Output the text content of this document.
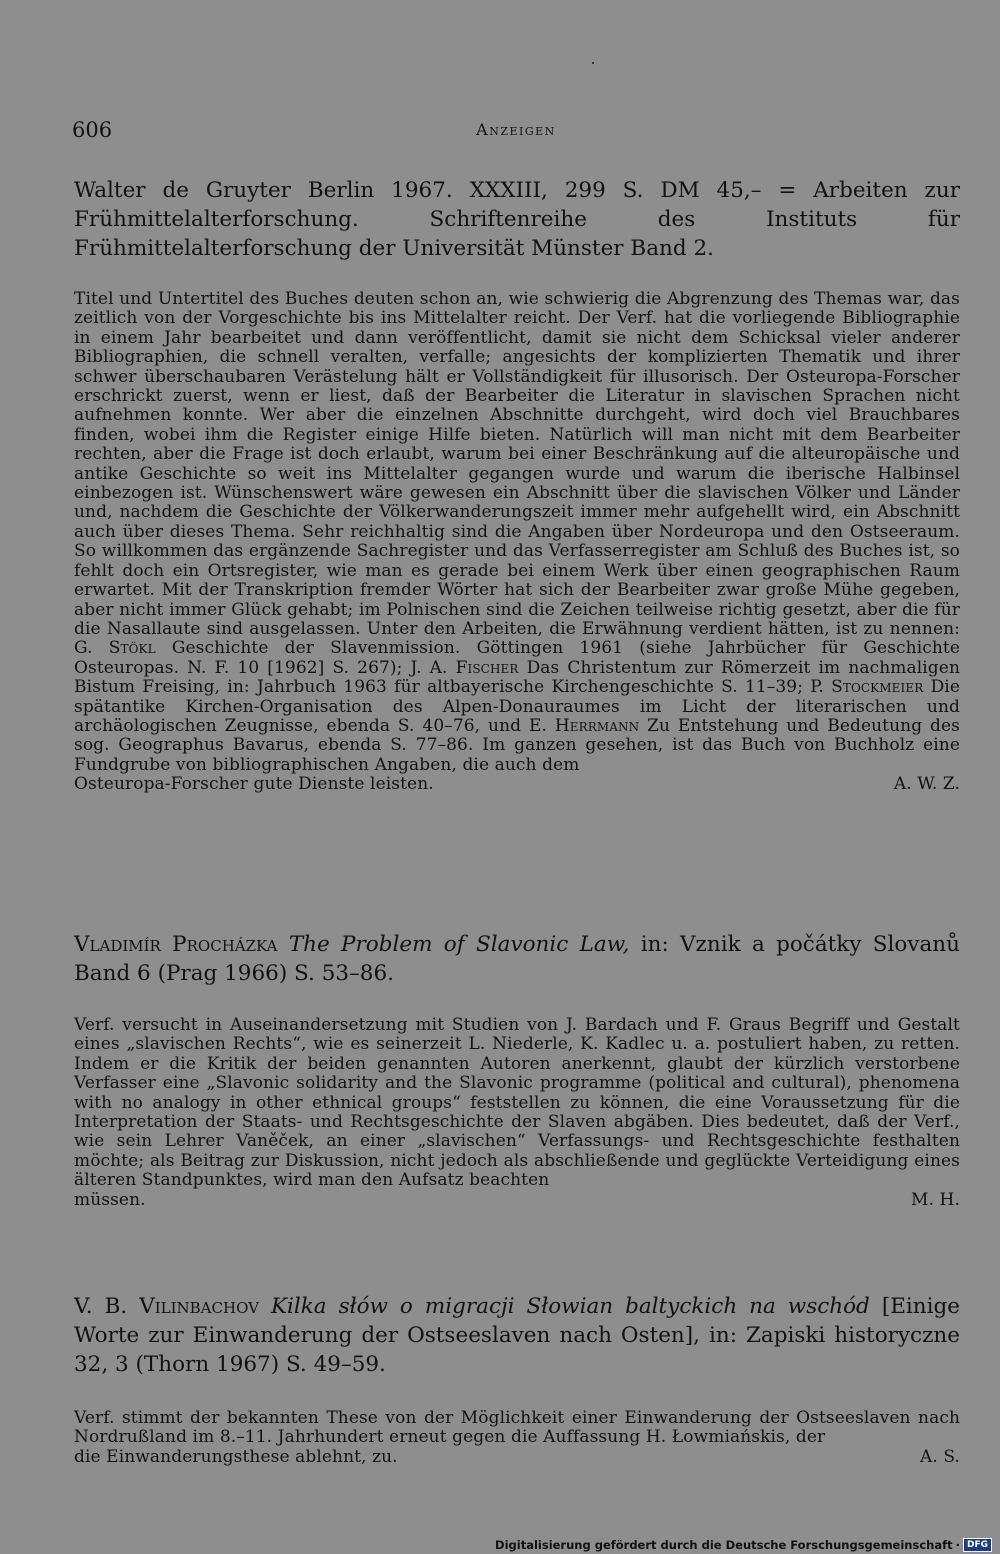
606	Anzeigen
Walter de Gruyter Berlin 1967. XXXIII, 299 S. DM 45,– = Arbeiten zur Frühmittelalterforschung. Schriftenreihe des Instituts für Frühmittelalterforschung der Universität Münster Band 2.
Titel und Untertitel des Buches deuten schon an, wie schwierig die Abgrenzung des Themas war, das zeitlich von der Vorgeschichte bis ins Mittelalter reicht. Der Verf. hat die vorliegende Bibliographie in einem Jahr bearbeitet und dann veröffentlicht, damit sie nicht dem Schicksal vieler anderer Bibliographien, die schnell veralten, verfalle; angesichts der komplizierten Thematik und ihrer schwer überschaubaren Verästelung hält er Vollständigkeit für illusorisch. Der Osteuropa-Forscher erschrickt zuerst, wenn er liest, daß der Bearbeiter die Literatur in slavischen Sprachen nicht aufnehmen konnte. Wer aber die einzelnen Abschnitte durchgeht, wird doch viel Brauchbares finden, wobei ihm die Register einige Hilfe bieten. Natürlich will man nicht mit dem Bearbeiter rechten, aber die Frage ist doch erlaubt, warum bei einer Beschränkung auf die alteuropäische und antike Geschichte so weit ins Mittelalter gegangen wurde und warum die iberische Halbinsel einbezogen ist. Wünschenswert wäre gewesen ein Abschnitt über die slavischen Völker und Länder und, nachdem die Geschichte der Völkerwanderungszeit immer mehr aufgehellt wird, ein Abschnitt auch über dieses Thema. Sehr reichhaltig sind die Angaben über Nordeuropa und den Ostseeraum. So willkommen das ergänzende Sachregister und das Verfasserregister am Schluß des Buches ist, so fehlt doch ein Ortsregister, wie man es gerade bei einem Werk über einen geographischen Raum erwartet. Mit der Transkription fremder Wörter hat sich der Bearbeiter zwar große Mühe gegeben, aber nicht immer Glück gehabt; im Polnischen sind die Zeichen teilweise richtig gesetzt, aber die für die Nasallaute sind ausgelassen. Unter den Arbeiten, die Erwähnung verdient hätten, ist zu nennen: G. Stökl Geschichte der Slavenmission. Göttingen 1961 (siehe Jahrbücher für Geschichte Osteuropas. N. F. 10 [1962] S. 267); J. A. Fischer Das Christentum zur Römerzeit im nachmaligen Bistum Freising, in: Jahrbuch 1963 für altbayerische Kirchengeschichte S. 11–39; P. Stockmeier Die spätantike Kirchen-Organisation des Alpen-Donauraumes im Licht der literarischen und archäologischen Zeugnisse, ebenda S. 40–76, und E. Herrmann Zu Entstehung und Bedeutung des sog. Geographus Bavarus, ebenda S. 77–86. Im ganzen gesehen, ist das Buch von Buchholz eine Fundgrube von bibliographischen Angaben, die auch dem
Osteuropa-Forscher gute Dienste leisten.	A. W. Z.
Vladimír Procházka The Problem of Slavonic Law, in: Vznik a počátky Slovanů Band 6 (Prag 1966) S. 53–86.
Verf. versucht in Auseinandersetzung mit Studien von J. Bardach und F. Graus Begriff und Gestalt eines „slavischen Rechts“, wie es seinerzeit L. Niederle, K. Kadlec u. a. postuliert haben, zu retten. Indem er die Kritik der beiden genannten Autoren anerkennt, glaubt der kürzlich verstorbene Verfasser eine „Slavonic solidarity and the Slavonic programme (political and cultural), phenomena with no analogy in other ethnical groups“ feststellen zu können, die eine Voraussetzung für die Interpretation der Staats- und Rechtsgeschichte der Slaven abgäben. Dies bedeutet, daß der Verf., wie sein Lehrer Vaněček, an einer „slavischen“ Verfassungs- und Rechtsgeschichte festhalten möchte; als Beitrag zur Diskussion, nicht jedoch als abschließende und geglückte Verteidigung eines älteren Standpunktes, wird man den Aufsatz beachten
müssen.	M. H.
V. B. Vilinbachov Kilka słów o migracji Słowian baltyckich na wschód [Einige Worte zur Einwanderung der Ostseeslaven nach Osten], in: Zapiski historyczne 32, 3 (Thorn 1967) S. 49–59.
Verf. stimmt der bekannten These von der Möglichkeit einer Einwanderung der Ostseeslaven nach Nordrußland im 8.–11. Jahrhundert erneut gegen die Auffassung H. Łowmiańskis, der
die Einwanderungsthese ablehnt, zu.	A. S.
Digitalisierung gefördert durch die Deutsche Forschungsgemeinschaft · DFG
